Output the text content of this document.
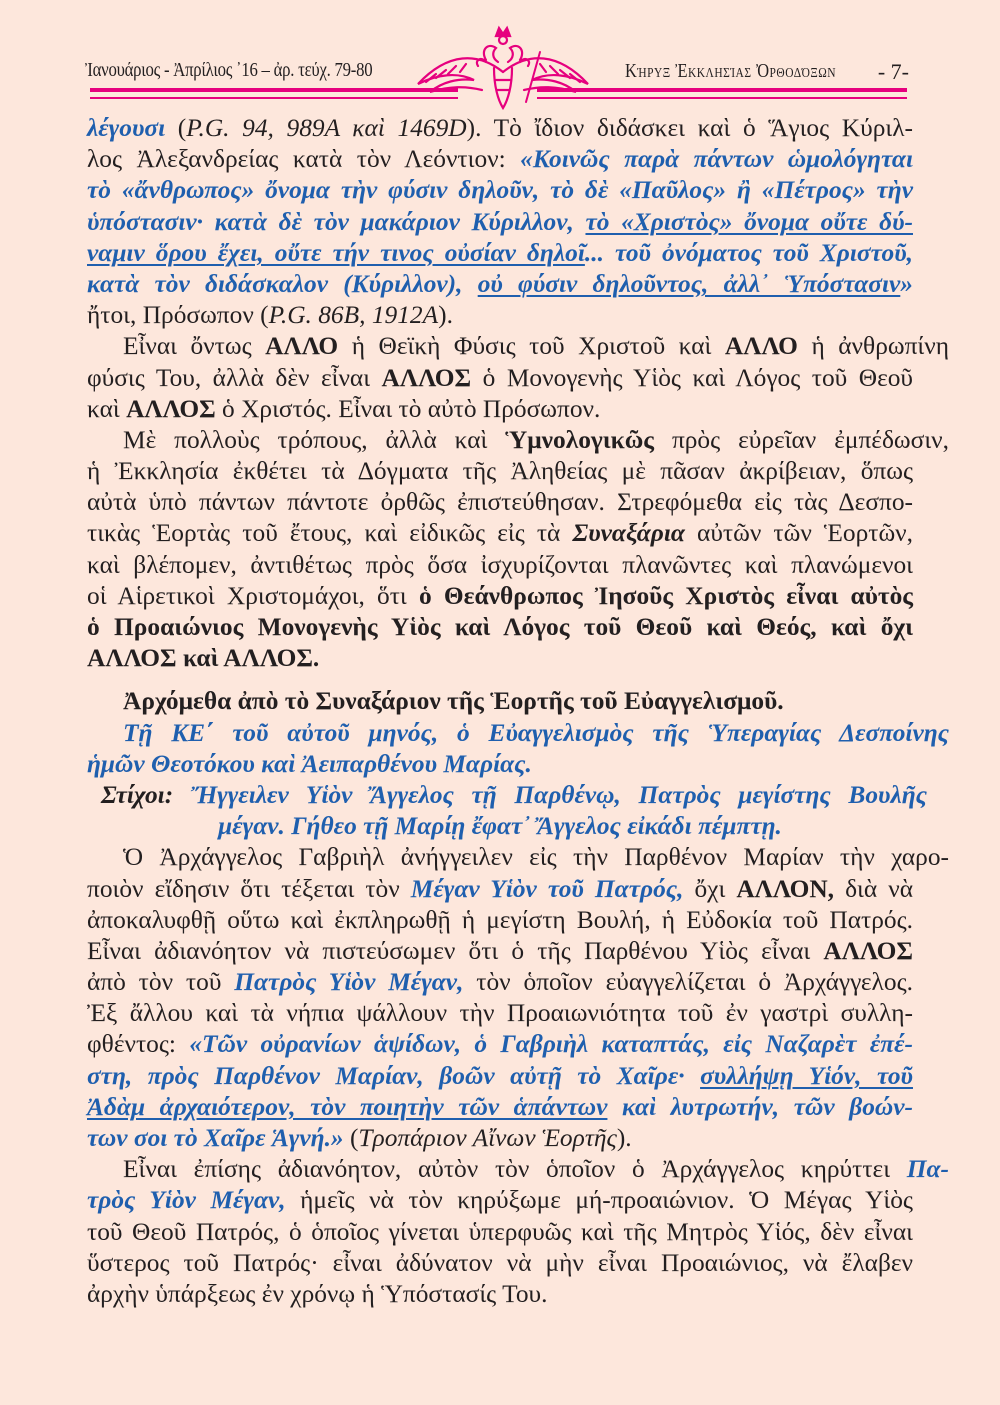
Ἰανουάριος - Ἀπρίλιος ᾽16 – ἀρ. τεύχ. 79-80	Κήρυξ Ἐκκλησίας Ὀρθοδόξων - 7-
λέγουσι (P.G. 94, 989A καὶ 1469D). Τὸ ἴδιον διδάσκει καὶ ὁ Ἅγιος Κύριλ-
λος Ἀλεξανδρείας κατὰ τὸν Λεόντιον: «Κοινῶς παρὰ πάντων ὡμολόγηται
τὸ «ἄνθρωπος» ὄνομα τὴν φύσιν δηλοῦν, τὸ δὲ «Παῦλος» ἢ «Πέτρος» τὴν
ὑπόστασιν· κατὰ δὲ τὸν μακάριον Κύριλλον, τὸ «Χριστὸς» ὄνομα οὔτε δύ-
ναμιν ὅρου ἔχει, οὔτε τήν τινος οὐσίαν δηλοῖ... τοῦ ὀνόματος τοῦ Χριστοῦ,
κατὰ τὸν διδάσκαλον (Κύριλλον), οὐ φύσιν δηλοῦντος, ἀλλ᾽ Ὑπόστασιν»
ἤτοι, Πρόσωπον (P.G. 86B, 1912A).
Εἶναι ὄντως ΑΛΛΟ ἡ Θεϊκὴ Φύσις τοῦ Χριστοῦ καὶ ΑΛΛΟ ἡ ἀνθρωπίνη
φύσις Του, ἀλλὰ δὲν εἶναι ΑΛΛΟΣ ὁ Μονογενὴς Υἱὸς καὶ Λόγος τοῦ Θεοῦ
καὶ ΑΛΛΟΣ ὁ Χριστός. Εἶναι τὸ αὐτὸ Πρόσωπον.
Μὲ πολλοὺς τρόπους, ἀλλὰ καὶ Ὑμνολογικῶς πρὸς εὐρεῖαν ἐμπέδωσιν,
ἡ Ἐκκλησία ἐκθέτει τὰ Δόγματα τῆς Ἀληθείας μὲ πᾶσαν ἀκρίβειαν, ὅπως
αὐτὰ ὑπὸ πάντων πάντοτε ὀρθῶς ἐπιστεύθησαν. Στρεφόμεθα εἰς τὰς Δεσπο-
τικὰς Ἑορτὰς τοῦ ἔτους, καὶ εἰδικῶς εἰς τὰ Συναξάρια αὐτῶν τῶν Ἑορτῶν,
καὶ βλέπομεν, ἀντιθέτως πρὸς ὅσα ἰσχυρίζονται πλανῶντες καὶ πλανώμενοι
οἱ Αἱρετικοὶ Χριστομάχοι, ὅτι ὁ Θεάνθρωπος Ἰησοῦς Χριστὸς εἶναι αὐτὸς
ὁ Προαιώνιος Μονογενὴς Υἱὸς καὶ Λόγος τοῦ Θεοῦ καὶ Θεός, καὶ ὄχι
ΑΛΛΟΣ καὶ ΑΛΛΟΣ.
Ἀρχόμεθα ἀπὸ τὸ Συναξάριον τῆς Ἑορτῆς τοῦ Εὐαγγελισμοῦ.
Τῇ ΚΕ΄ τοῦ αὐτοῦ μηνός, ὁ Εὐαγγελισμὸς τῆς Ὑπεραγίας Δεσποίνης
ἡμῶν Θεοτόκου καὶ Ἀειπαρθένου Μαρίας.
Στίχοι: Ἤγγειλεν Υἱὸν Ἄγγελος τῇ Παρθένῳ, Πατρὸς μεγίστης Βουλῆς
μέγαν. Γήθεο τῇ Μαρίῃ ἔφατ᾽ Ἄγγελος εἰκάδι πέμπτῃ.
Ὁ Ἀρχάγγελος Γαβριὴλ ἀνήγγειλεν εἰς τὴν Παρθένον Μαρίαν τὴν χαρο-
ποιὸν εἴδησιν ὅτι τέξεται τὸν Μέγαν Υἱὸν τοῦ Πατρός, ὄχι ΑΛΛΟΝ, διὰ νὰ
ἀποκαλυφθῇ οὕτω καὶ ἐκπληρωθῇ ἡ μεγίστη Βουλή, ἡ Εὐδοκία τοῦ Πατρός.
Εἶναι ἀδιανόητον νὰ πιστεύσωμεν ὅτι ὁ τῆς Παρθένου Υἱὸς εἶναι ΑΛΛΟΣ
ἀπὸ τὸν τοῦ Πατρὸς Υἱὸν Μέγαν, τὸν ὁποῖον εὐαγγελίζεται ὁ Ἀρχάγγελος.
Ἐξ ἄλλου καὶ τὰ νήπια ψάλλουν τὴν Προαιωνιότητα τοῦ ἐν γαστρὶ συλλη-
φθέντος: «Τῶν οὐρανίων ἁψίδων, ὁ Γαβριὴλ καταπτάς, εἰς Ναζαρὲτ ἐπέ-
στη, πρὸς Παρθένον Μαρίαν, βοῶν αὐτῇ τὸ Χαῖρε· συλλήψῃ Υἱόν, τοῦ
Ἀδὰμ ἀρχαιότερον, τὸν ποιητὴν τῶν ἁπάντων καὶ λυτρωτήν, τῶν βοών-
των σοι τὸ Χαῖρε Ἁγνή.» (Τροπάριον Αἴνων Ἑορτῆς).
Εἶναι ἐπίσης ἀδιανόητον, αὐτὸν τὸν ὁποῖον ὁ Ἀρχάγγελος κηρύττει Πα-
τρὸς Υἱὸν Μέγαν, ἡμεῖς νὰ τὸν κηρύξωμε μή-προαιώνιον. Ὁ Μέγας Υἱὸς
τοῦ Θεοῦ Πατρός, ὁ ὁποῖος γίνεται ὑπερφυῶς καὶ τῆς Μητρὸς Υἱός, δὲν εἶναι
ὕστερος τοῦ Πατρός· εἶναι ἀδύνατον νὰ μὴν εἶναι Προαιώνιος, νὰ ἔλαβεν
ἀρχὴν ὑπάρξεως ἐν χρόνῳ ἡ Ὑπόστασίς Του.
